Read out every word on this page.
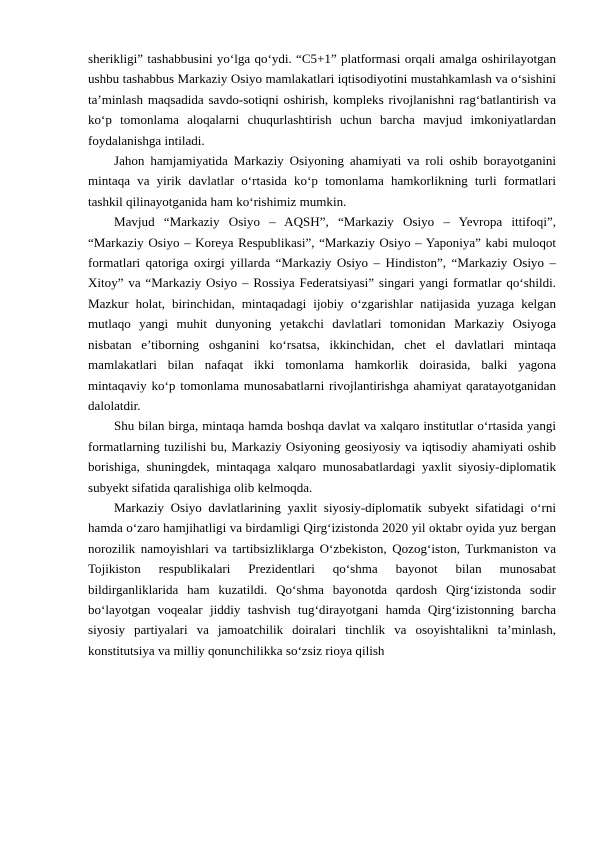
sherikligi” tashabbusini yo‘lga qo‘ydi. “C5+1” platformasi orqali amalga oshirilayotgan ushbu tashabbus Markaziy Osiyo mamlakatlari iqtisodiyotini mustahkamlash va o‘sishini ta’minlash maqsadida savdo-sotiqni oshirish, kompleks rivojlanishni rag‘batlantirish va ko‘p tomonlama aloqalarni chuqurlashtirish uchun barcha mavjud imkoniyatlardan foydalanishga intiladi.

Jahon hamjamiyatida Markaziy Osiyoning ahamiyati va roli oshib borayotganini mintaqa va yirik davlatlar o‘rtasida ko‘p tomonlama hamkorlikning turli formatlari tashkil qilinayotganida ham ko‘rishimiz mumkin.

Mavjud “Markaziy Osiyo – AQSH”, “Markaziy Osiyo – Yevropa ittifoqi”, “Markaziy Osiyo – Koreya Respublikasi”, “Markaziy Osiyo – Yaponiya” kabi muloqot formatlari qatoriga oxirgi yillarda “Markaziy Osiyo – Hindiston”, “Markaziy Osiyo – Xitoy” va “Markaziy Osiyo – Rossiya Federatsiyasi” singari yangi formatlar qo‘shildi. Mazkur holat, birinchidan, mintaqadagi ijobiy o‘zgarishlar natijasida yuzaga kelgan mutlaqo yangi muhit dunyoning yetakchi davlatlari tomonidan Markaziy Osiyoga nisbatan e’tiborning oshganini ko‘rsatsa, ikkinchidan, chet el davlatlari mintaqa mamlakatlari bilan nafaqat ikki tomonlama hamkorlik doirasida, balki yagona mintaqaviy ko‘p tomonlama munosabatlarni rivojlantirishga ahamiyat qaratayotganidan dalolatdir.

Shu bilan birga, mintaqa hamda boshqa davlat va xalqaro institutlar o‘rtasida yangi formatlarning tuzilishi bu, Markaziy Osiyoning geosiyosiy va iqtisodiy ahamiyati oshib borishiga, shuningdek, mintaqaga xalqaro munosabatlardagi yaxlit siyosiy-diplomatik subyekt sifatida qaralishiga olib kelmoqda.

Markaziy Osiyo davlatlarining yaxlit siyosiy-diplomatik subyekt sifatidagi o‘rni hamda o‘zaro hamjihatligi va birdamligi Qirg‘izistonda 2020 yil oktabr oyida yuz bergan norozilik namoyishlari va tartibsizliklarga O‘zbekiston, Qozog‘iston, Turkmaniston va Tojikiston respublikalari Prezidentlari qo‘shma bayonot bilan munosabat bildirganliklarida ham kuzatildi. Qo‘shma bayonotda qardosh Qirg‘izistonda sodir bo‘layotgan voqealar jiddiy tashvish tug‘dirayotgani hamda Qirg‘izistonning barcha siyosiy partiyalari va jamoatchilik doiralari tinchlik va osoyishtalikni ta’minlash, konstitutsiya va milliy qonunchilikka so‘zsiz rioya qilish
